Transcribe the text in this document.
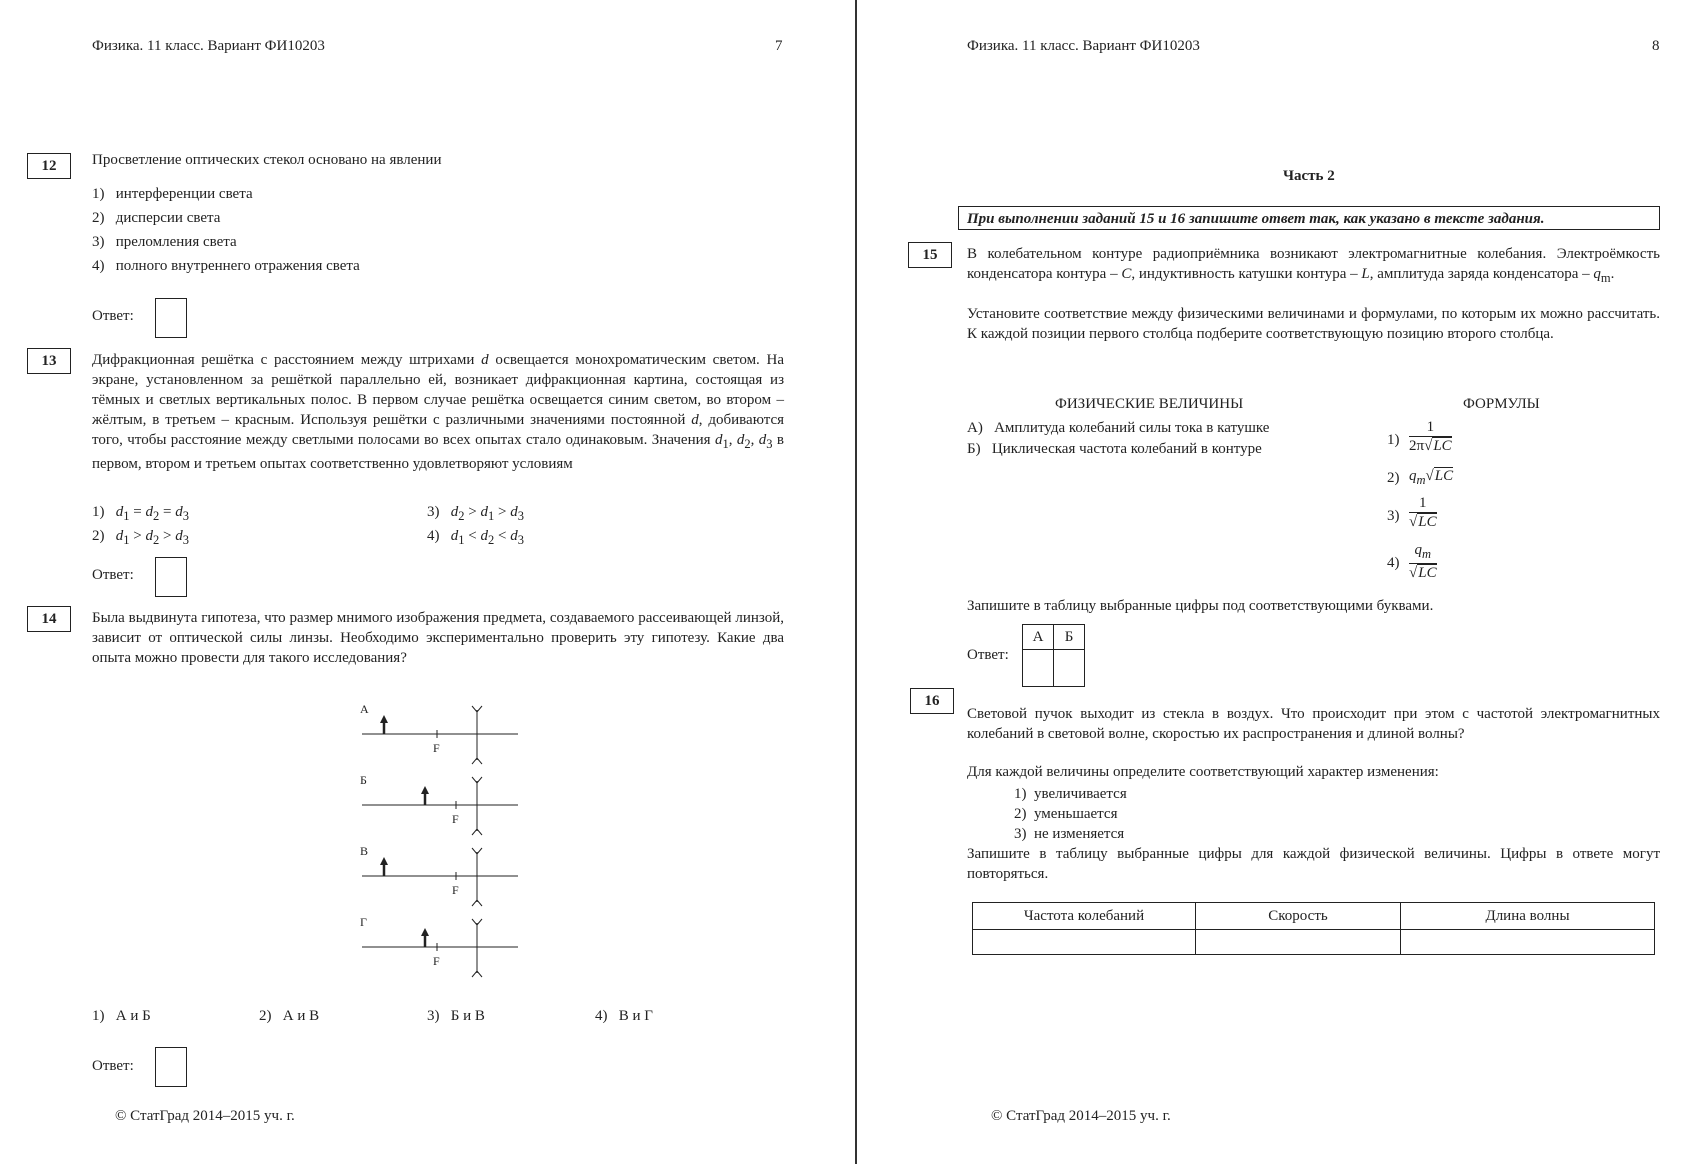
Физика. 11 класс. Вариант ФИ10203	7
12	Просветление оптических стекол основано на явлении
1)   интерференции света
2)   дисперсии света
3)   преломления света
4)   полного внутреннего отражения света
Ответ:
13	Дифракционная решётка с расстоянием между штрихами d освещается монохроматическим светом. На экране, установленном за решёткой параллельно ей, возникает дифракционная картина, состоящая из тёмных и светлых вертикальных полос. В первом случае решётка освещается синим светом, во втором – жёлтым, в третьем – красным. Используя решётки с различными значениями постоянной d, добиваются того, чтобы расстояние между светлыми полосами во всех опытах стало одинаковым. Значения $d_1$, $d_2$, $d_3$ в первом, втором и третьем опытах соответственно удовлетворяют условиям
1)   $d_1 = d_2 = d_3$	3)   $d_2 > d_1 > d_3$
2)   $d_1 > d_2 > d_3$	4)   $d_1 < d_2 < d_3$
Ответ:
14	Была выдвинута гипотеза, что размер мнимого изображения предмета, создаваемого рассеивающей линзой, зависит от оптической силы линзы. Необходимо экспериментально проверить эту гипотезу. Какие два опыта можно провести для такого исследования?
А
F
Б
F
В
F
Г
F
1)   А и Б	2)   А и В	3)   Б и В	4)   В и Г
Ответ:
© СтатГрад 2014–2015 уч. г.
Физика. 11 класс. Вариант ФИ10203	8
Часть 2
При выполнении заданий 15 и 16 запишите ответ так, как указано в тексте задания.
15	В колебательном контуре радиоприёмника возникают электромагнитные колебания. Электроёмкость конденсатора контура – C, индуктивность катушки контура – L, амплитуда заряда конденсатора – $q_m$.
Установите соответствие между физическими величинами и формулами, по которым их можно рассчитать. К каждой позиции первого столбца подберите соответствующую позицию второго столбца.
ФИЗИЧЕСКИЕ ВЕЛИЧИНЫ	ФОРМУЛЫ
А)   Амплитуда колебаний силы тока в катушке
Б)   Циклическая частота колебаний в контуре
$1) \frac{1}{2\pi√LC}$
2) $q_m√LC$
$3) \frac{1}{√LC}$
$4) \frac{q_m}{√LC}$
Запишите в таблицу выбранные цифры под соответствующими буквами.
Ответ:
А	Б

16
Световой пучок выходит из стекла в воздух. Что происходит при этом с частотой электромагнитных колебаний в световой волне, скоростью их распространения и длиной волны?
Для каждой величины определите соответствующий характер изменения:
1)  увеличивается
2)  уменьшается
3)  не изменяется
Запишите в таблицу выбранные цифры для каждой физической величины. Цифры в ответе могут повторяться.
Частота колебаний	Скорость	Длина волны

© СтатГрад 2014–2015 уч. г.
